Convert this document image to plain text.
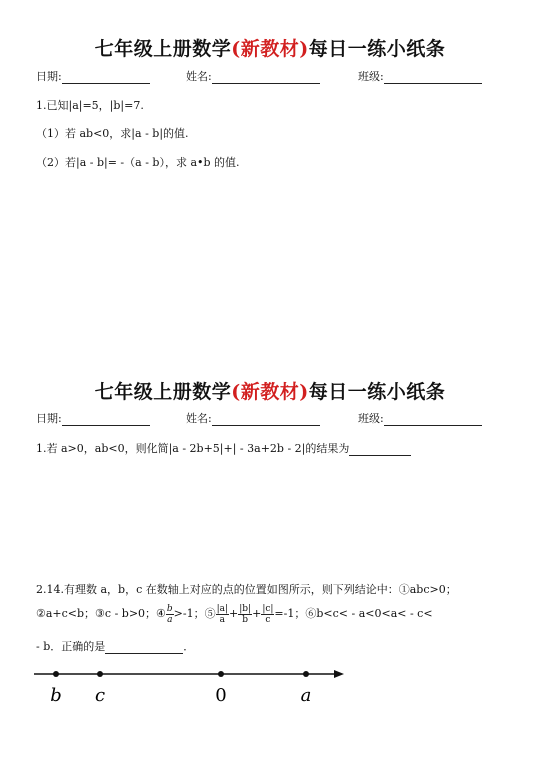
七年级上册数学(新教材)每日一练小纸条
日期:	姓名:	班级:
1.已知|a|=5，|b|=7.
（1）若 ab<0，求|a - b|的值.
（2）若|a - b|= -（a - b），求 a•b 的值.
七年级上册数学(新教材)每日一练小纸条
日期:	姓名:	班级:
1.若 a>0，ab<0，则化简|a - 2b+5|+| - 3a+2b - 2|的结果为
2.14.有理数 a，b，c 在数轴上对应的点的位置如图所示，则下列结论中：①abc>0；
②a+c<b；③c - b>0；④ $\frac{b}{a} >-1$；⑤ $\frac{|a|}{a} + \frac{|b|}{b} + \frac{|c|}{c} =-1$；⑥b<c< - a<0<a< - c<
- b．正确的是	．
b c	0	a
